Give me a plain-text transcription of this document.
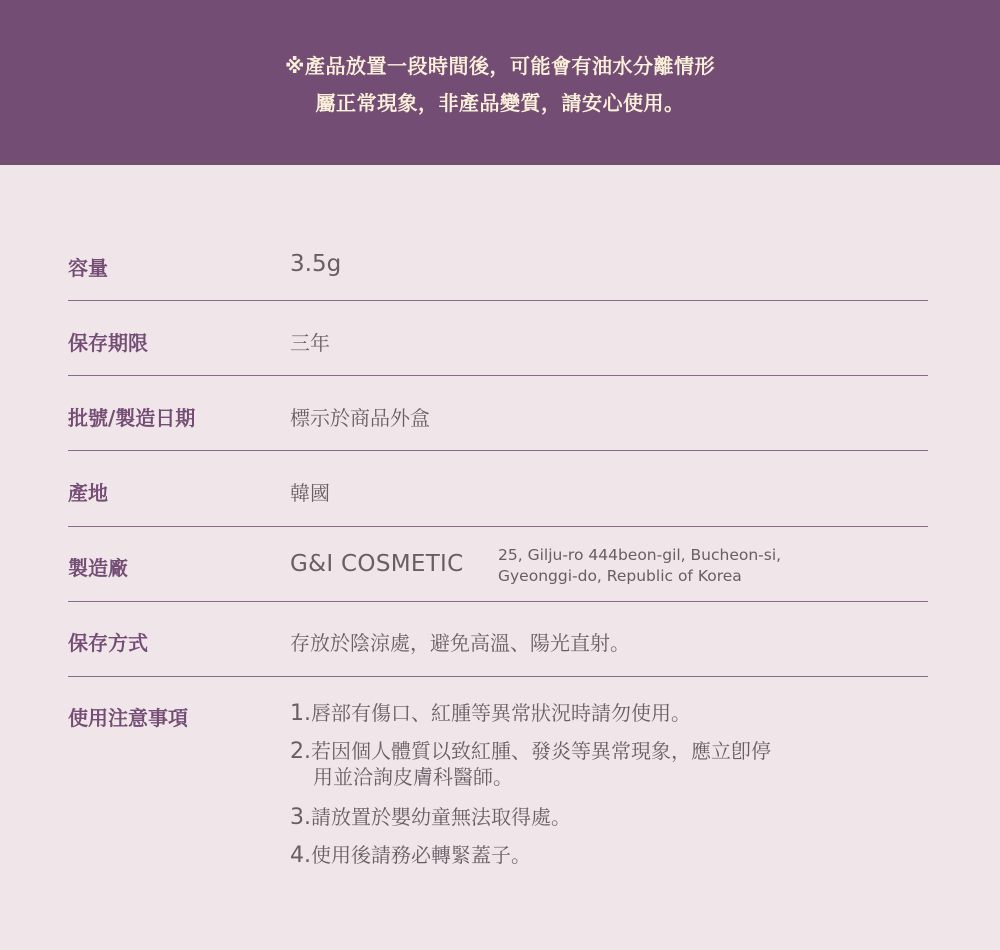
※產品放置一段時間後，可能會有油水分離情形
屬正常現象，非產品變質，請安心使用。
容量	3.5g
保存期限	三年
批號/製造日期	標示於商品外盒
產地	韓國
製造廠	G&I COSMETIC 25, Gilju-ro 444beon-gil, Bucheon-si,
Gyeonggi-do, Republic of Korea
保存方式	存放於陰涼處，避免高溫、陽光直射。
使用注意事項	1.唇部有傷口、紅腫等異常狀況時請勿使用。
2.若因個人體質以致紅腫、發炎等異常現象，應立卽停
用並洽詢皮膚科醫師。
3.請放置於嬰幼童無法取得處。
4.使用後請務必轉緊蓋子。
